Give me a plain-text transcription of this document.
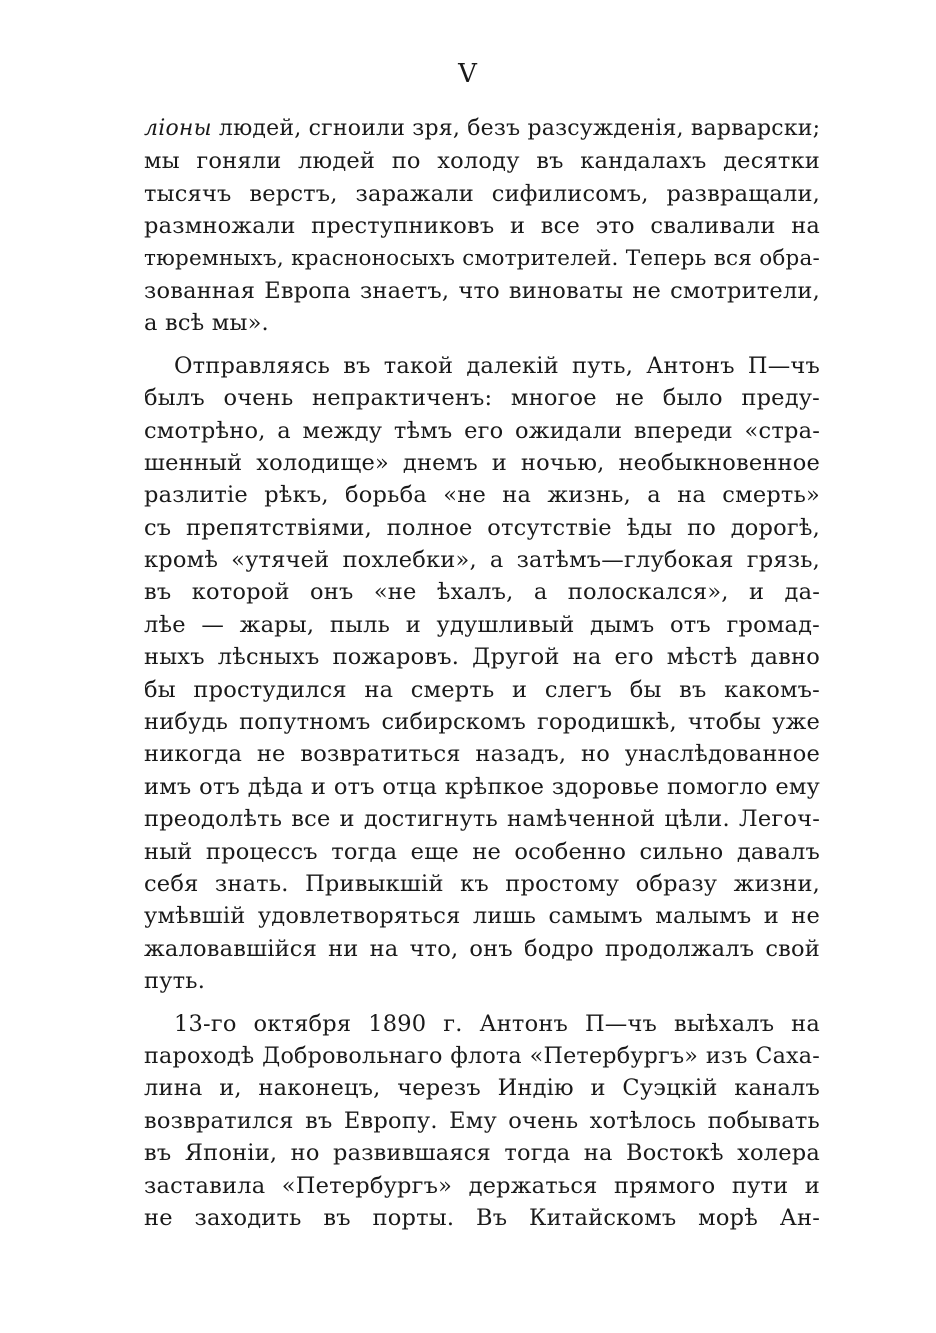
V
лiоны людей, сгноили зря, безъ разсужденiя, варварски;
мы гоняли людей по холоду въ кандалахъ десятки
тысячъ верстъ, заражали сифилисомъ, развращали,
размножали преступниковъ и все это сваливали на
тюремныхъ, красноносыхъ смотрителей. Теперь вся обра-
зованная Европа знаетъ, что виноваты не смотрители,
а всѣ мы».
Отправляясь въ такой далекiй путь, Антонъ П—чъ
былъ очень непрактиченъ: многое не было преду-
смотрѣно, а между тѣмъ его ожидали впереди «стра-
шенный холодище» днемъ и ночью, необыкновенное
разлитiе рѣкъ, борьба «не на жизнь, а на смерть»
съ препятствiями, полное отсутствiе ѣды по дорогѣ,
кромѣ «утячей похлебки», а затѣмъ—глубокая грязь,
въ которой онъ «не ѣхалъ, а полоскался», и да-
лѣе — жары, пыль и удушливый дымъ отъ громад-
ныхъ лѣсныхъ пожаровъ. Другой на его мѣстѣ давно
бы простудился на смерть и слегъ бы въ какомъ-
нибудь попутномъ сибирскомъ городишкѣ, чтобы уже
никогда не возвратиться назадъ, но унаслѣдованное
имъ отъ дѣда и отъ отца крѣпкое здоровье помогло ему
преодолѣть все и достигнуть намѣченной цѣли. Легоч-
ный процессъ тогда еще не особенно сильно давалъ
себя знать. Привыкшiй къ простому образу жизни,
умѣвшiй удовлетворяться лишь самымъ малымъ и не
жаловавшiйся ни на что, онъ бодро продолжалъ свой
путь.
13-го октября 1890 г. Антонъ П—чъ выѣхалъ на
пароходѣ Добровольнаго флота «Петербургъ» изъ Саха-
лина и, наконецъ, черезъ Индiю и Суэцкiй каналъ
возвратился въ Европу. Ему очень хотѣлось побывать
въ Японiи, но развившаяся тогда на Востокѣ холера
заставила «Петербургъ» держаться прямого пути и
не заходить въ порты. Въ Китайскомъ морѣ Ан-
